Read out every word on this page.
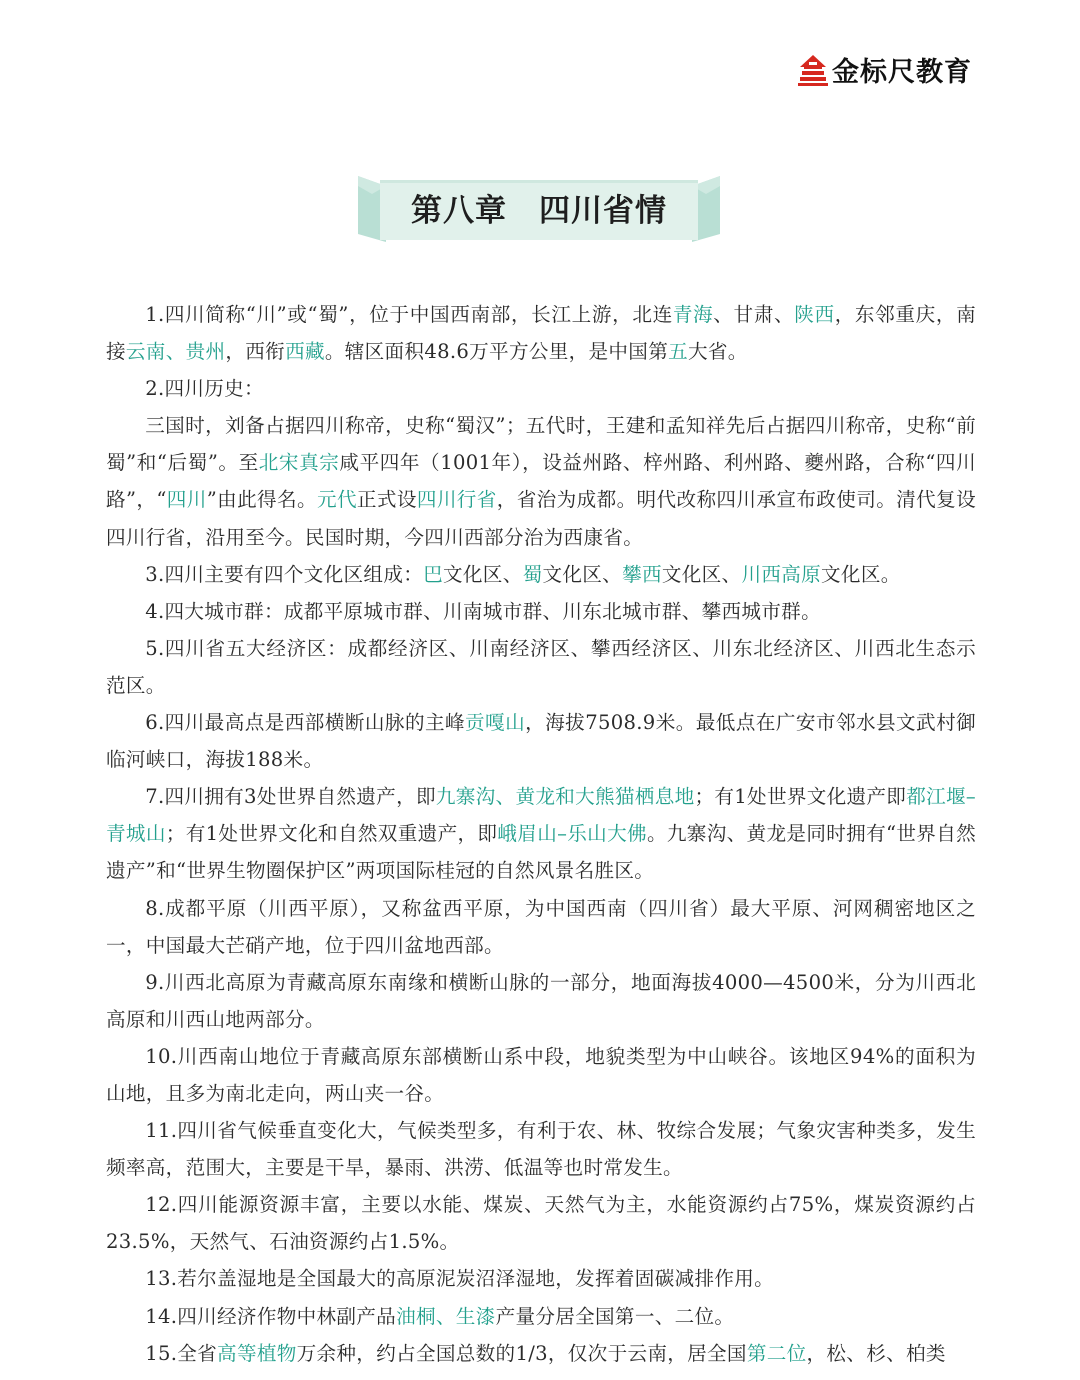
金标尺教育
第八章　四川省情

1.四川简称“川”或“蜀”，位于中国西南部，长江上游，北连青海、甘肃、陕西，东邻重庆，南接云南、贵州，西衔西藏。辖区面积48.6万平方公里，是中国第五大省。

2.四川历史：

三国时，刘备占据四川称帝，史称“蜀汉”；五代时，王建和孟知祥先后占据四川称帝，史称“前蜀”和“后蜀”。至北宋真宗咸平四年（1001年），设益州路、梓州路、利州路、夔州路，合称“四川路”，“四川”由此得名。元代正式设四川行省，省治为成都。明代改称四川承宣布政使司。清代复设四川行省，沿用至今。民国时期，今四川西部分治为西康省。

3.四川主要有四个文化区组成：巴文化区、蜀文化区、攀西文化区、川西高原文化区。

4.四大城市群：成都平原城市群、川南城市群、川东北城市群、攀西城市群。

5.四川省五大经济区：成都经济区、川南经济区、攀西经济区、川东北经济区、川西北生态示范区。

6.四川最高点是西部横断山脉的主峰贡嘎山，海拔7508.9米。最低点在广安市邻水县文武村御临河峡口，海拔188米。

7.四川拥有3处世界自然遗产，即九寨沟、黄龙和大熊猫栖息地；有1处世界文化遗产即都江堰–青城山；有1处世界文化和自然双重遗产，即峨眉山–乐山大佛。九寨沟、黄龙是同时拥有“世界自然遗产”和“世界生物圈保护区”两项国际桂冠的自然风景名胜区。

8.成都平原（川西平原），又称盆西平原，为中国西南（四川省）最大平原、河网稠密地区之一，中国最大芒硝产地，位于四川盆地西部。

9.川西北高原为青藏高原东南缘和横断山脉的一部分，地面海拔4000—4500米，分为川西北高原和川西山地两部分。

10.川西南山地位于青藏高原东部横断山系中段，地貌类型为中山峡谷。该地区94%的面积为山地，且多为南北走向，两山夹一谷。

11.四川省气候垂直变化大，气候类型多，有利于农、林、牧综合发展；气象灾害种类多，发生频率高，范围大，主要是干旱，暴雨、洪涝、低温等也时常发生。

12.四川能源资源丰富，主要以水能、煤炭、天然气为主，水能资源约占75%，煤炭资源约占23.5%，天然气、石油资源约占1.5%。

13.若尔盖湿地是全国最大的高原泥炭沼泽湿地，发挥着固碳减排作用。

14.四川经济作物中林副产品油桐、生漆产量分居全国第一、二位。

15.全省高等植物万余种，约占全国总数的1/3，仅次于云南，居全国第二位，松、杉、柏类
